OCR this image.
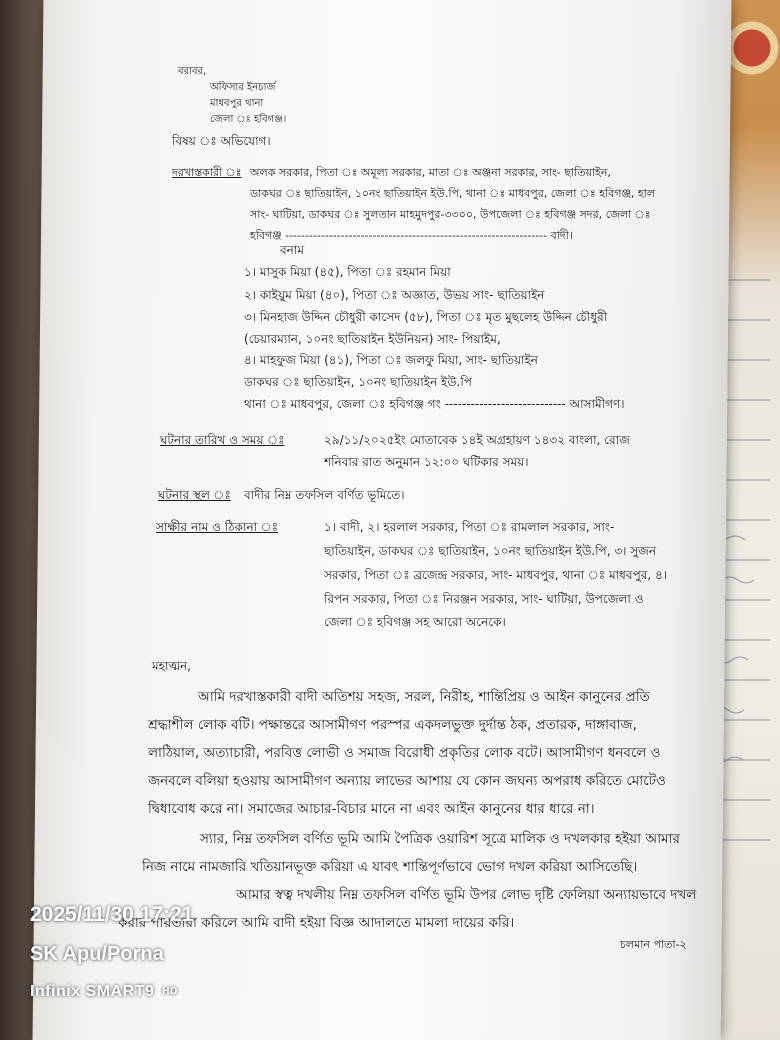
বরাবর,
অফিসার ইনচার্জ
মাধবপুর থানা
জেলা ঃ হবিগঞ্জ।
বিষয় ঃ অভিযোগ।
দরখাস্তকারী ঃ অলক সরকার, পিতা ঃ অমূল্য সরকার, মাতা ঃ অঞ্জনা সরকার, সাং- ছাতিয়াইন,
ডাকঘর ঃ ছাতিয়াইন, ১০নং ছাতিয়াইন ইউ.পি, থানা ঃ মাধবপুর, জেলা ঃ হবিগঞ্জ, হাল
সাং- ঘাটিয়া, ডাকঘর ঃ সুলতান মাহমুদপুর-৩৩০০, উপজেলা ঃ হবিগঞ্জ সদর, জেলা ঃ
হবিগঞ্জ ------------------------------------------------------------------ বাদী।
বনাম
১। মাসুক মিয়া (৪৫), পিতা ঃ রহমান মিয়া
২। কাইয়ুম মিয়া (৪০), পিতা ঃ অজ্ঞাত, উভয় সাং- ছাতিয়াইন
৩। মিনহাজ উদ্দিন চৌধুরী কাসেদ (৫৮), পিতা ঃ মৃত মুছলেহ উদ্দিন চৌধুরী
(চেয়ারম্যান, ১০নং ছাতিয়াইন ইউনিয়ন) সাং- পিয়াইম,
৪। মাহফুজ মিয়া (৪১), পিতা ঃ জলফু মিয়া, সাং- ছাতিয়াইন
ডাকঘর ঃ ছাতিয়াইন, ১০নং ছাতিয়াইন ইউ.পি
থানা ঃ মাধবপুর, জেলা ঃ হবিগঞ্জ গং ---------------------------- আসামীগণ।
ঘটনার তারিখ ও সময় ঃ	২৯/১১/২০২৫ইং মোতাবেক ১৪ই অগ্রহায়ণ ১৪৩২ বাংলা, রোজ
শনিবার রাত অনুমান ১২:০০ ঘটিকার সময়।
ঘটনার স্থল ঃ বাদীর নিম্ন তফসিল বর্ণিত ভূমিতে।
সাক্ষীর নাম ও ঠিকানা ঃ	১। বাদী, ২। হরলাল সরকার, পিতা ঃ রামলাল সরকার, সাং-
ছাতিয়াইন, ডাকঘর ঃ ছাতিয়াইন, ১০নং ছাতিয়াইন ইউ.পি, ৩। সুজন
সরকার, পিতা ঃ ব্রজেন্দ্র সরকার, সাং- মাধবপুর, থানা ঃ মাধবপুর, ৪।
রিপন সরকার, পিতা ঃ নিরঞ্জন সরকার, সাং- ঘাটিয়া, উপজেলা ও
জেলা ঃ হবিগঞ্জ সহ আরো অনেকে।
মহাত্মন,
আমি দরখাস্তকারী বাদী অতিশয় সহজ, সরল, নিরীহ, শান্তিপ্রিয় ও আইন কানুনের প্রতি
শ্রদ্ধাশীল লোক বটি। পক্ষান্তরে আসামীগণ পরস্পর একদলভুক্ত দুর্দান্ত ঠক, প্রতারক, দাঙ্গাবাজ,
লাঠিয়াল, অত্যাচারী, পরবিত্ত লোভী ও সমাজ বিরোধী প্রকৃতির লোক বটে। আসামীগণ ধনবলে ও
জনবলে বলিয়া হওয়ায় আসামীগণ অন্যায় লাভের আশায় যে কোন জঘন্য অপরাধ করিতে মোটেও
দ্বিধাবোধ করে না। সমাজের আচার-বিচার মানে না এবং আইন কানুনের ধার ধারে না।
স্যার, নিম্ন তফসিল বর্ণিত ভূমি আমি পৈত্রিক ওয়ারিশ সূত্রে মালিক ও দখলকার হইয়া আমার
নিজ নামে নামজারি খতিয়ানভূক্ত করিয়া এ যাবৎ শান্তিপূর্ণভাবে ভোগ দখল করিয়া আসিতেছি।
আমার স্বত্ব দখলীয় নিম্ন তফসিল বর্ণিত ভূমি উপর লোভ দৃষ্টি ফেলিয়া অন্যায়ভাবে দখল
করার পায়তারা করিলে আমি বাদী হইয়া বিজ্ঞ আদালতে মামলা দায়ের করি।
চলমান পাতা-২
2025/11/30 17:21
SK Apu/Porna
Infinix SMART9 HD
